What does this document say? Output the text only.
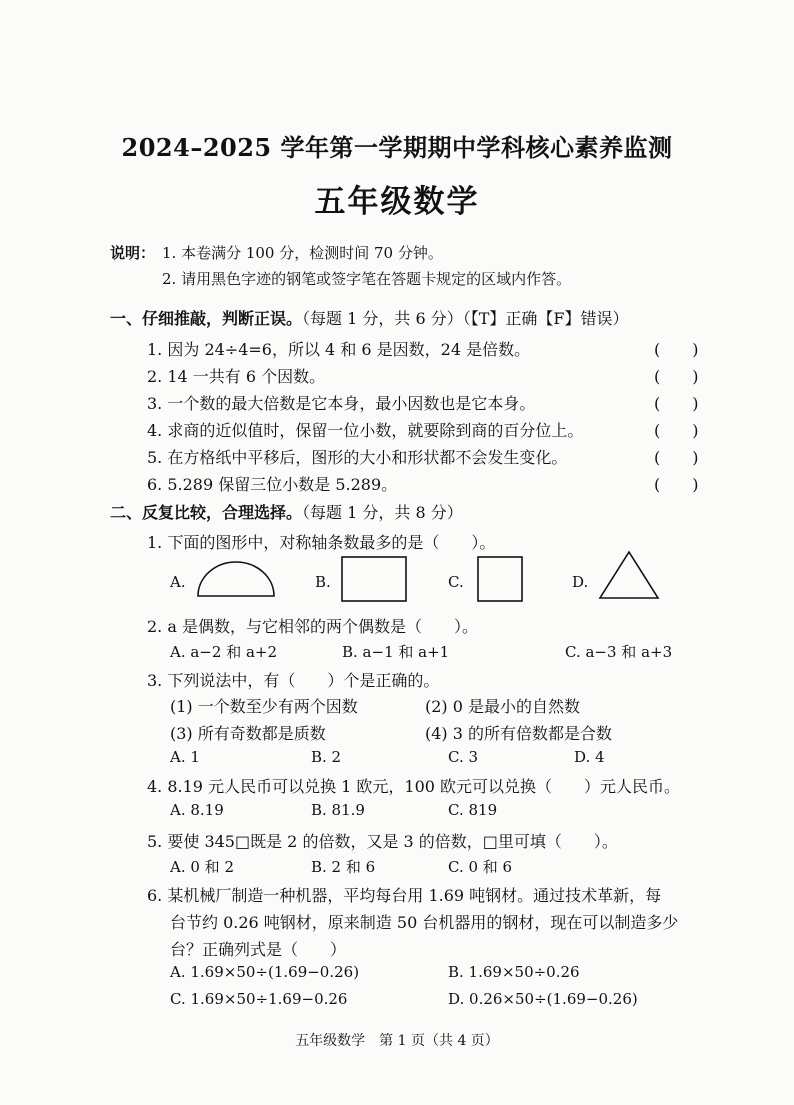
2024–2025 学年第一学期期中学科核心素养监测
五年级数学
说明： 1. 本卷满分 100 分，检测时间 70 分钟。
2. 请用黑色字迹的钢笔或签字笔在答题卡规定的区域内作答。
一、仔细推敲，判断正误。（每题 1 分，共 6 分）（【T】正确【F】错误）
1. 因为 24÷4=6，所以 4 和 6 是因数，24 是倍数。	(　　)
2. 14 一共有 6 个因数。	(　　)
3. 一个数的最大倍数是它本身，最小因数也是它本身。	(　　)
4. 求商的近似值时，保留一位小数，就要除到商的百分位上。	(　　)
5. 在方格纸中平移后，图形的大小和形状都不会发生变化。	(　　)
6. 5.289 保留三位小数是 5.289。	(　　)
二、反复比较，合理选择。（每题 1 分，共 8 分）
1. 下面的图形中，对称轴条数最多的是（　　）。
A.	B.	C.	D.
2. a 是偶数，与它相邻的两个偶数是（　　）。
A. a−2 和 a+2	B. a−1 和 a+1	C. a−3 和 a+3
3. 下列说法中，有（　　）个是正确的。
(1) 一个数至少有两个因数	(2) 0 是最小的自然数
(3) 所有奇数都是质数	(4) 3 的所有倍数都是合数
A. 1	B. 2	C. 3	D. 4
4. 8.19 元人民币可以兑换 1 欧元，100 欧元可以兑换（　　）元人民币。
A. 8.19	B. 81.9	C. 819
5. 要使 345□既是 2 的倍数，又是 3 的倍数，□里可填（　　）。
A. 0 和 2	B. 2 和 6	C. 0 和 6
6. 某机械厂制造一种机器，平均每台用 1.69 吨钢材。通过技术革新，每
台节约 0.26 吨钢材，原来制造 50 台机器用的钢材，现在可以制造多少
台？正确列式是（　　）
A. 1.69×50÷(1.69−0.26)	B. 1.69×50÷0.26
C. 1.69×50÷1.69−0.26	D. 0.26×50÷(1.69−0.26)
五年级数学　第 1 页（共 4 页）
